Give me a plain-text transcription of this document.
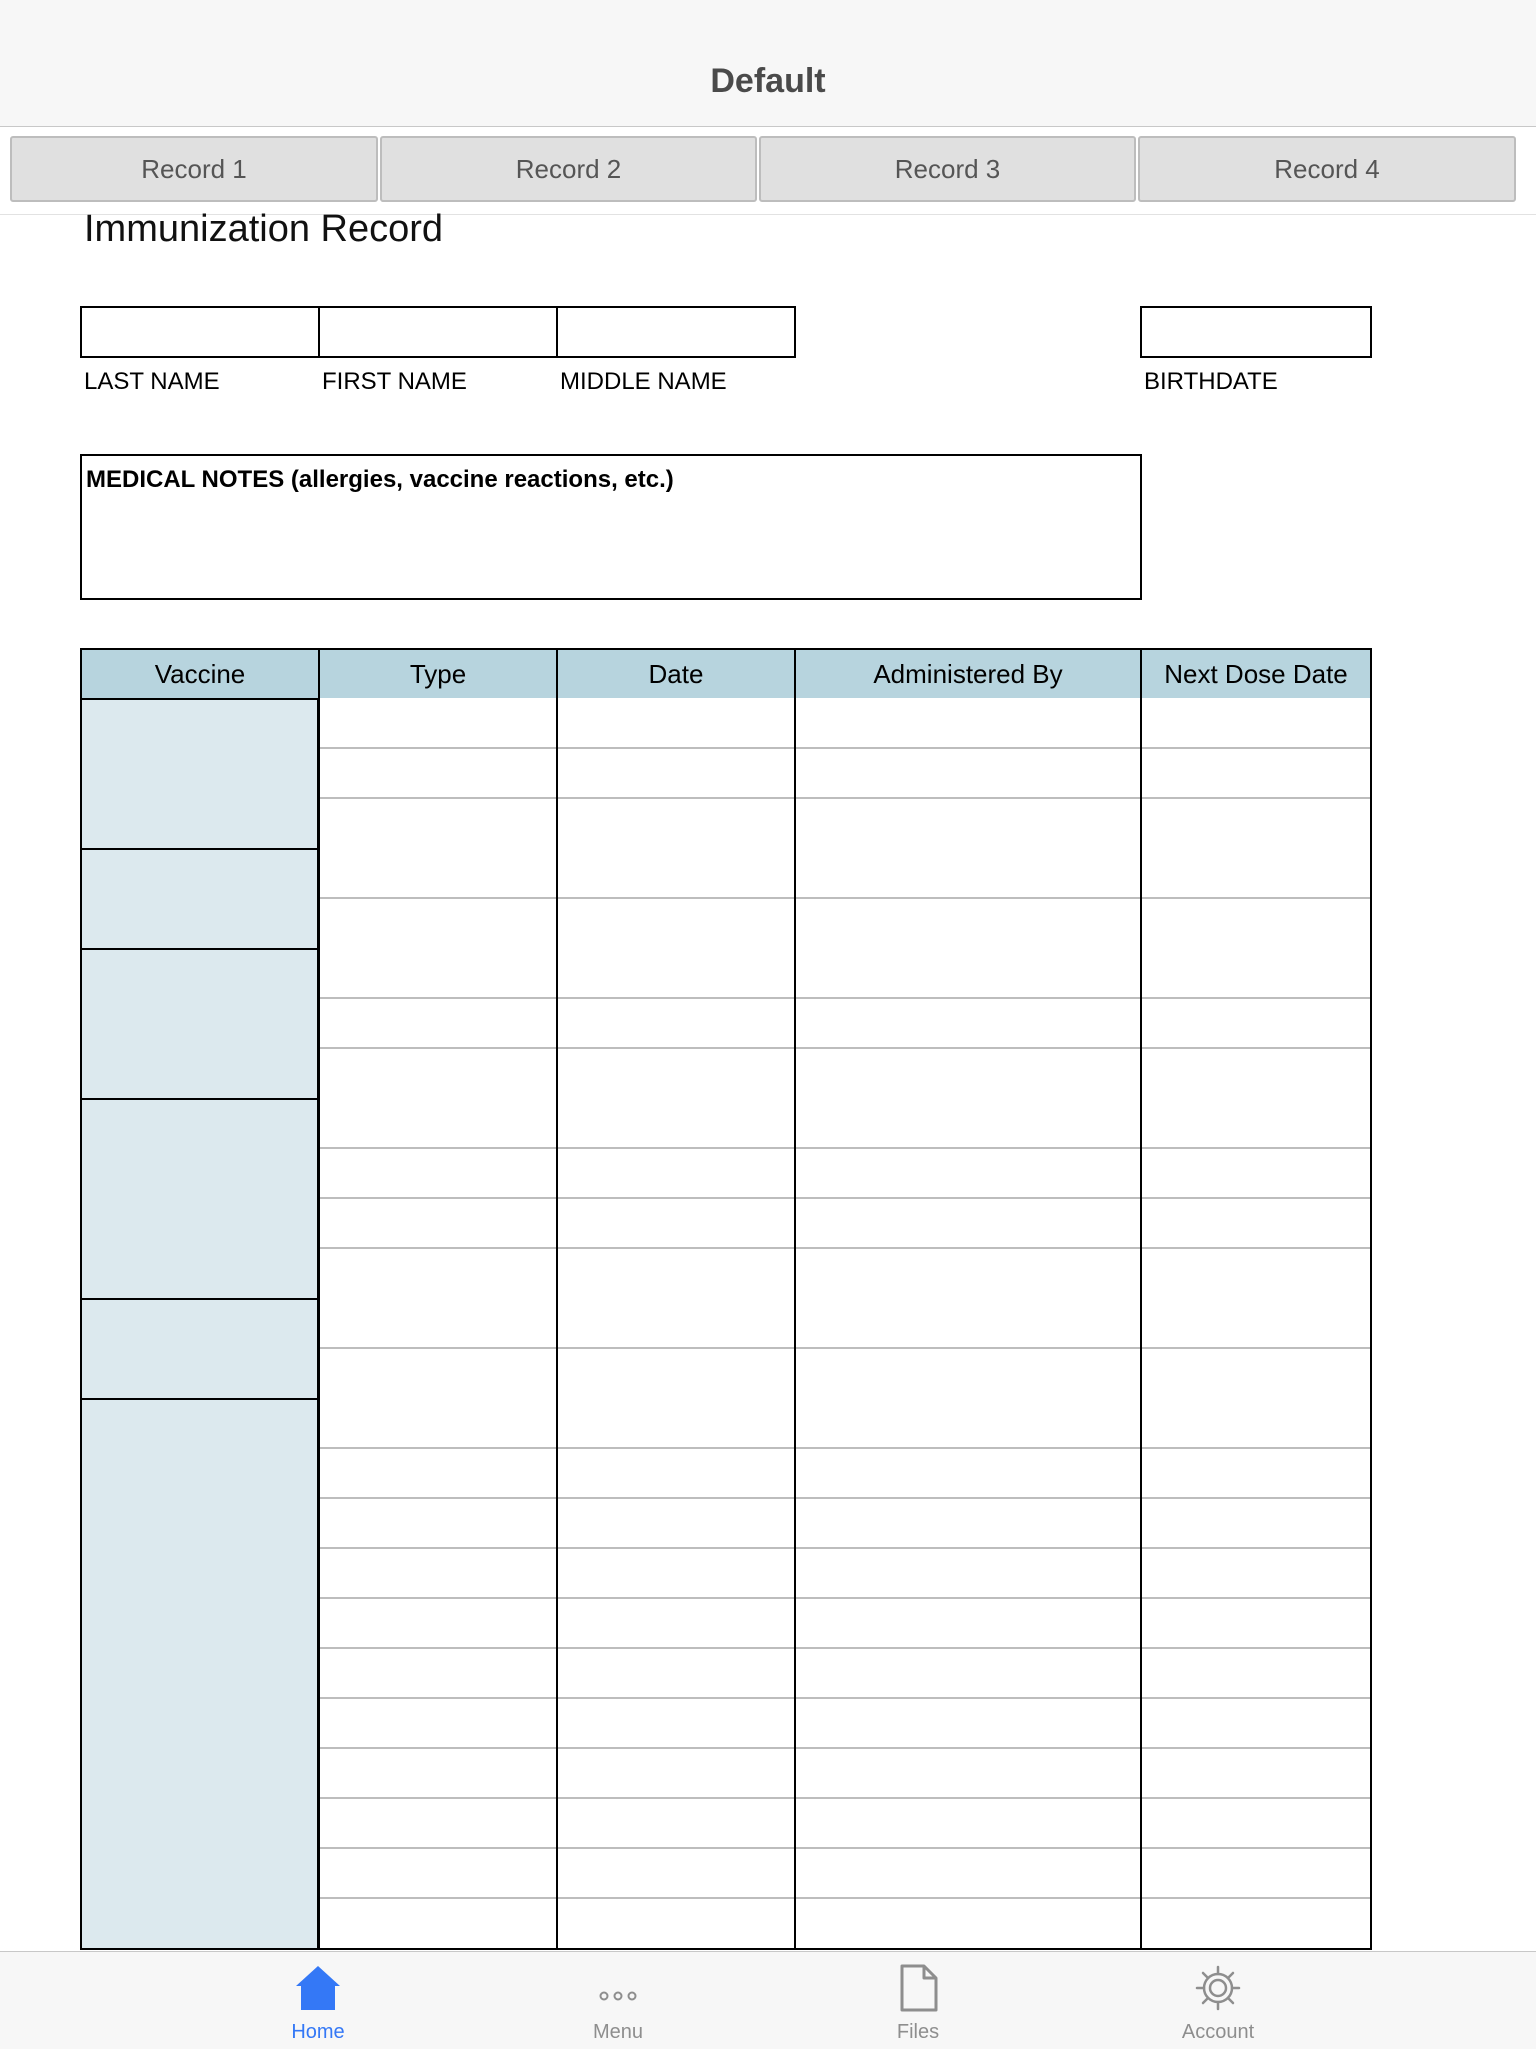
Default
Record 1	Record 2	Record 3	Record 4
Immunization Record
LAST NAME	FIRST NAME	MIDDLE NAME	BIRTHDATE
MEDICAL NOTES (allergies, vaccine reactions, etc.)
Vaccine	Type	Date	Administered By	Next Dose Date
Home	Menu	Files	Account
